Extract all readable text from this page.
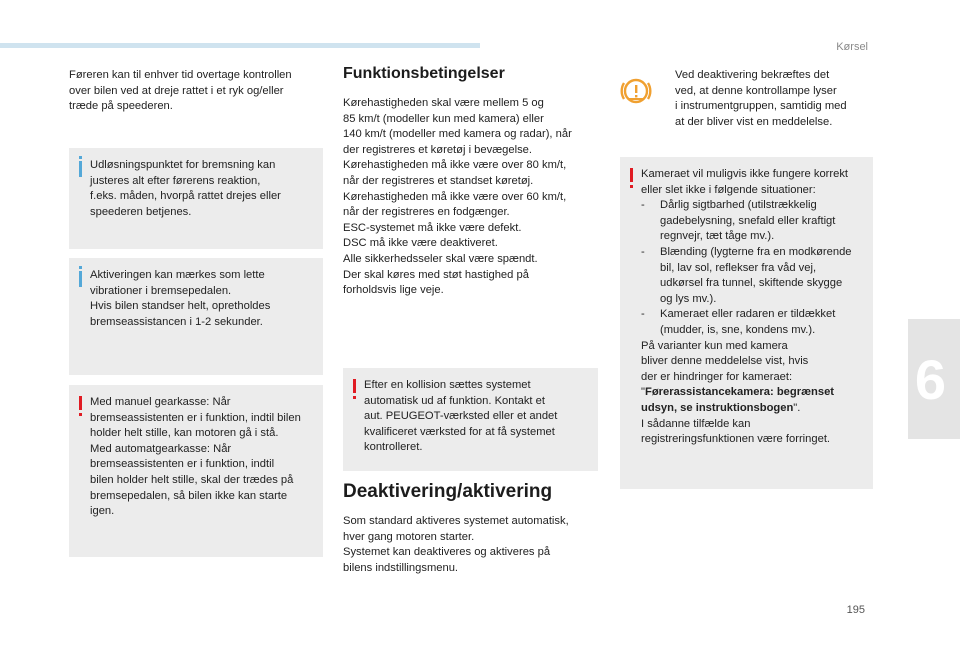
Kørsel
6

Føreren kan til enhver tid overtage kontrollen
over bilen ved at dreje rattet i et ryk og/eller
træde på speederen.

Udløsningspunktet for bremsning kan
justeres alt efter førerens reaktion,
f.eks. måden, hvorpå rattet drejes eller
speederen betjenes.
Aktiveringen kan mærkes som lette
vibrationer i bremsepedalen.
Hvis bilen standser helt, opretholdes
bremseassistancen i 1-2 sekunder.
Med manuel gearkasse: Når
bremseassistenten er i funktion, indtil bilen
holder helt stille, kan motoren gå i stå.
Med automatgearkasse: Når
bremseassistenten er i funktion, indtil
bilen holder helt stille, skal der trædes på
bremsepedalen, så bilen ikke kan starte
igen.
Funktionsbetingelser

Kørehastigheden skal være mellem 5 og
85 km/t (modeller kun med kamera) eller
140 km/t (modeller med kamera og radar), når
der registreres et køretøj i bevægelse.
Kørehastigheden må ikke være over 80 km/t,
når der registreres et standset køretøj.
Kørehastigheden må ikke være over 60 km/t,
når der registreres en fodgænger.
ESC-systemet må ikke være defekt.
DSC må ikke være deaktiveret.
Alle sikkerhedsseler skal være spændt.
Der skal køres med støt hastighed på
forholdsvis lige veje.

Efter en kollision sættes systemet
automatisk ud af funktion. Kontakt et
aut. PEUGEOT-værksted eller et andet
kvalificeret værksted for at få systemet
kontrolleret.
Deaktivering/aktivering

Som standard aktiveres systemet automatisk,
hver gang motoren starter.
Systemet kan deaktiveres og aktiveres på
bilens indstillingsmenu.

Ved deaktivering bekræftes det
ved, at denne kontrollampe lyser
i instrumentgruppen, samtidig med
at der bliver vist en meddelelse.

Kameraet vil muligvis ikke fungere korrekt
eller slet ikke i følgende situationer:
- Dårlig sigtbarhed (utilstrækkelig
gadebelysning, snefald eller kraftigt
regnvejr, tæt tåge mv.).
- Blænding (lygterne fra en modkørende
bil, lav sol, reflekser fra våd vej,
udkørsel fra tunnel, skiftende skygge
og lys mv.).
- Kameraet eller radaren er tildækket
(mudder, is, sne, kondens mv.).
På varianter kun med kamera
bliver denne meddelelse vist, hvis
der er hindringer for kameraet:
"Førerassistancekamera: begrænset
udsyn, se instruktionsbogen".
I sådanne tilfælde kan
registreringsfunktionen være forringet.
195
